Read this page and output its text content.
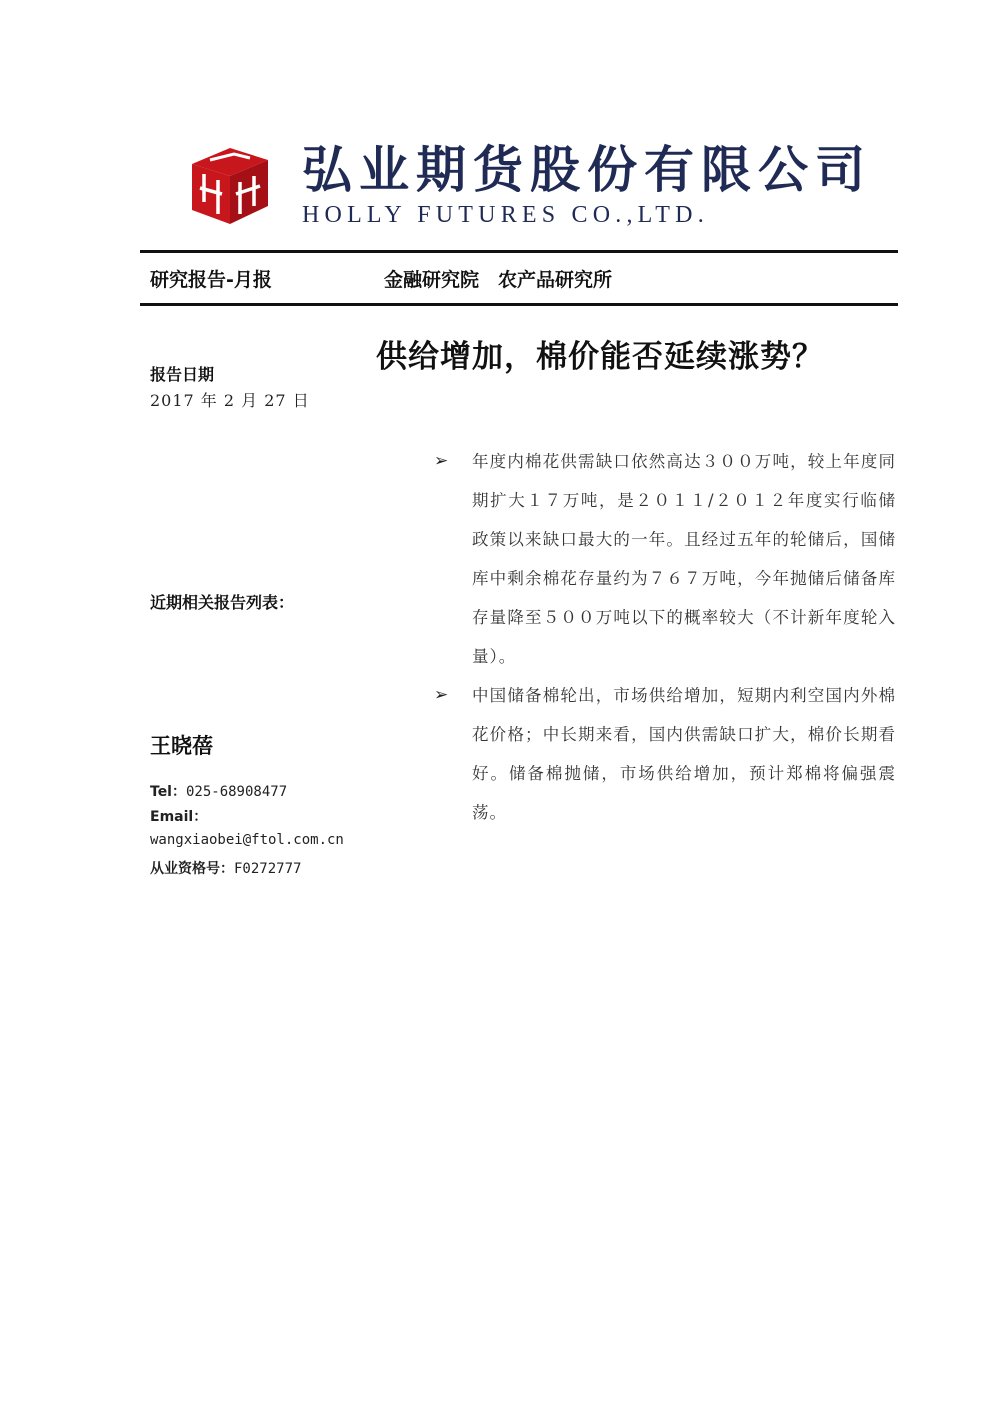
弘业期货股份有限公司
HOLLY FUTURES CO.,LTD.
研究报告-月报	金融研究院　农产品研究所
供给增加，棉价能否延续涨势？
报告日期
2017 年 2 月 27 日
近期相关报告列表：
王晓蓓
Tel：025-68908477
Email：
wangxiaobei@ftol.com.cn
从业资格号：F0272777
➢ 年度内棉花供需缺口依然高达３００万吨，较上年度同期扩大１７万吨，是２０１１/２０１２年度实行临储政策以来缺口最大的一年。且经过五年的轮储后，国储库中剩余棉花存量约为７６７万吨，今年抛储后储备库存量降至５００万吨以下的概率较大（不计新年度轮入量）。
➢ 中国储备棉轮出，市场供给增加，短期内利空国内外棉花价格；中长期来看，国内供需缺口扩大，棉价长期看好。储备棉抛储，市场供给增加，预计郑棉将偏强震荡。
